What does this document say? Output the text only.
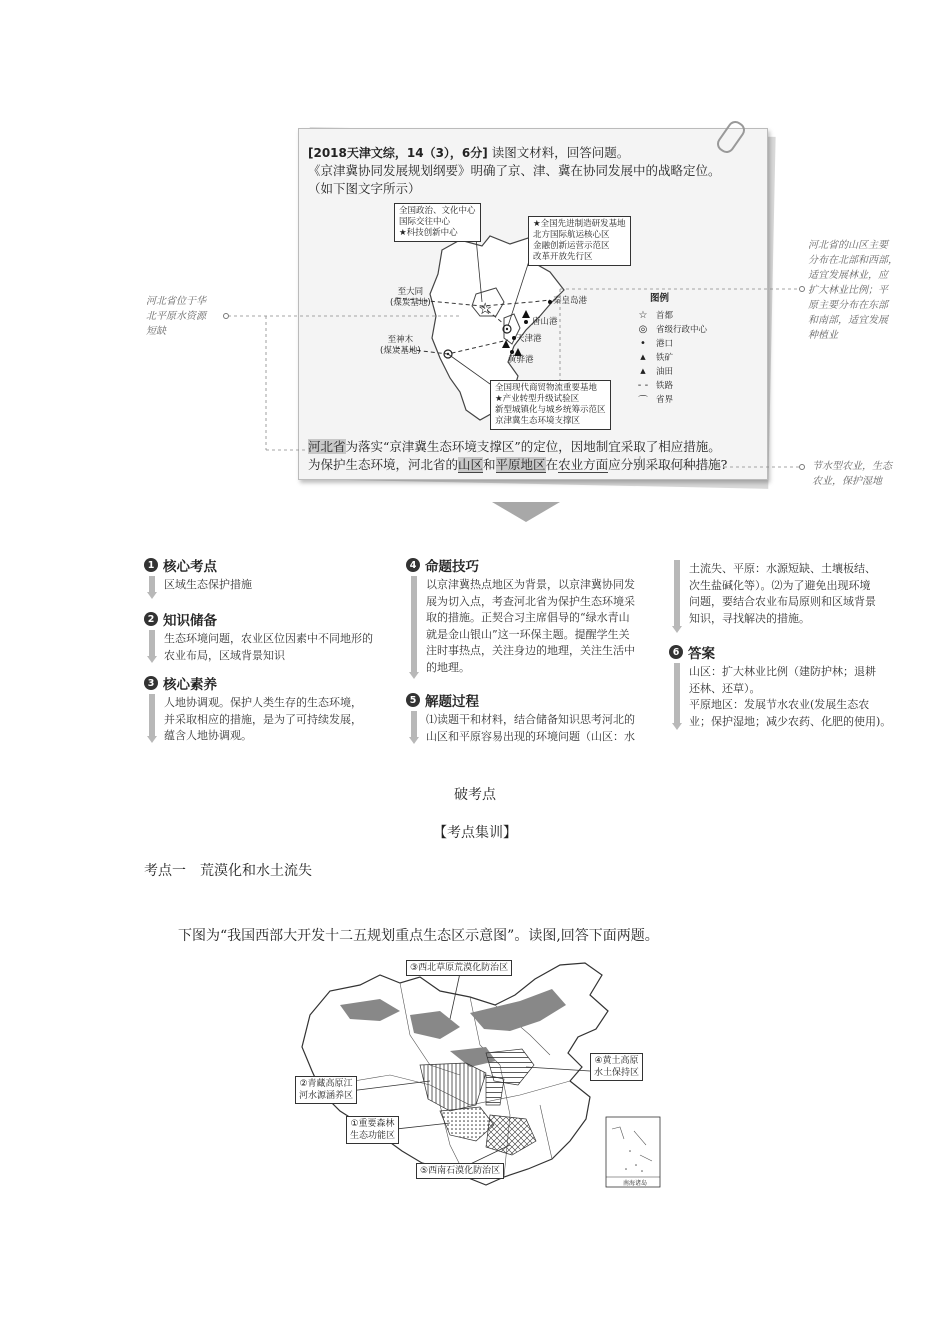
[2018天津文综，14（3），6分] 读图文材料，回答问题。
《京津冀协同发展规划纲要》明确了京、津、冀在协同发展中的战略定位。
（如下图文字所示）
☆
全国政治、文化中心
国际交往中心
★科技创新中心
★全国先进制造研发基地
北方国际航运核心区
金融创新运营示范区
改革开放先行区
全国现代商贸物流重要基地
★产业转型升级试验区
新型城镇化与城乡统筹示范区
京津冀生态环境支撑区
至大同
(煤炭基地)
至神木
(煤炭基地)
秦皇岛港
唐山港
天津港
黄骅港
图例
☆ 首都
◎	省级行政中心
•	港口
▲	铁矿
▲	油田
- - 铁路
⌒ 省界
河北省为落实“京津冀生态环境支撑区”的定位，因地制宜采取了相应措施。
为保护生态环境，河北省的山区和平原地区在农业方面应分别采取何种措施?
河北省位于华
北平原水资源
短缺
河北省的山区主要
分布在北部和西部，
适宜发展林业，应
扩大林业比例；平
原主要分布在东部
和南部，适宜发展
种植业
节水型农业，生态
农业，保护湿地
1 核心考点
区域生态保护措施
2 知识储备
生态环境问题，农业区位因素中不同地形的
农业布局，区域背景知识
3 核心素养
人地协调观。保护人类生存的生态环境，
并采取相应的措施，是为了可持续发展，
蕴含人地协调观。
4 命题技巧
以京津冀热点地区为背景，以京津冀协同发
展为切入点，考查河北省为保护生态环境采
取的措施。正契合习主席倡导的“绿水青山
就是金山银山”这一环保主题。提醒学生关
注时事热点，关注身边的地理，关注生活中
的地理。
5 解题过程
⑴读题干和材料，结合储备知识思考河北的
山区和平原容易出现的环境问题（山区：水
土流失、平原：水源短缺、土壤板结、
次生盐碱化等）。⑵为了避免出现环境
问题，要结合农业布局原则和区域背景
知识，寻找解决的措施。
6 答案
山区：扩大林业比例（建防护林；退耕
还林、还草）。
平原地区：发展节水农业(发展生态农
业；保护湿地；减少农药、化肥的使用)。
破考点
【考点集训】
考点一　荒漠化和水土流失
下图为“我国西部大开发十二五规划重点生态区示意图”。读图,回答下面两题。
③西北草原荒漠化防治区
④黄土高原
水土保持区
②青藏高原江
河水源涵养区
①重要森林
生态功能区
⑤西南石漠化防治区
南海诸岛
